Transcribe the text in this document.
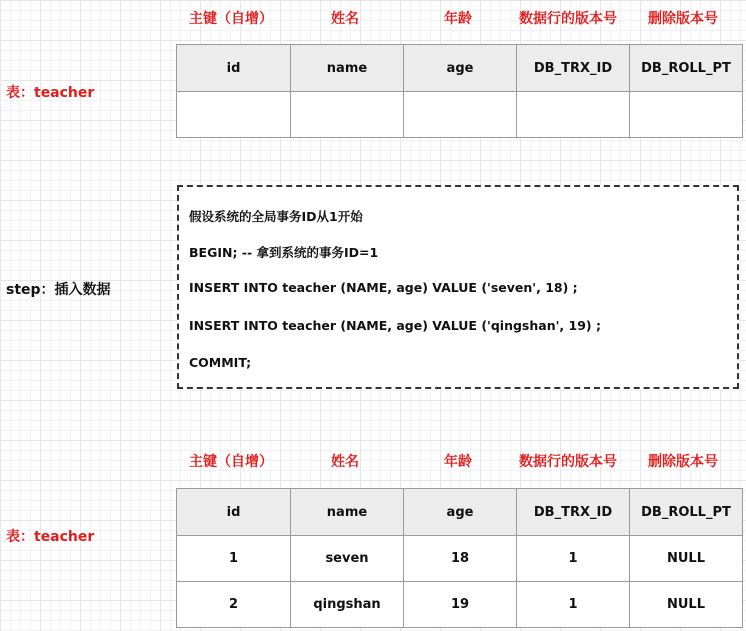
主键（自增）	姓名	年龄	数据行的版本号 删除版本号
表：teacher
id	name	age	DB_TRX_ID	DB_ROLL_PT

step：插入数据
假设系统的全局事务ID从1开始
BEGIN; -- 拿到系统的事务ID=1
INSERT INTO teacher (NAME, age) VALUE ('seven', 18) ;
INSERT INTO teacher (NAME, age) VALUE ('qingshan', 19) ;
COMMIT;
主键（自增）	姓名	年龄	数据行的版本号 删除版本号
表：teacher
id	name	age	DB_TRX_ID	DB_ROLL_PT
1	seven	18	1	NULL
2	qingshan	19	1	NULL
